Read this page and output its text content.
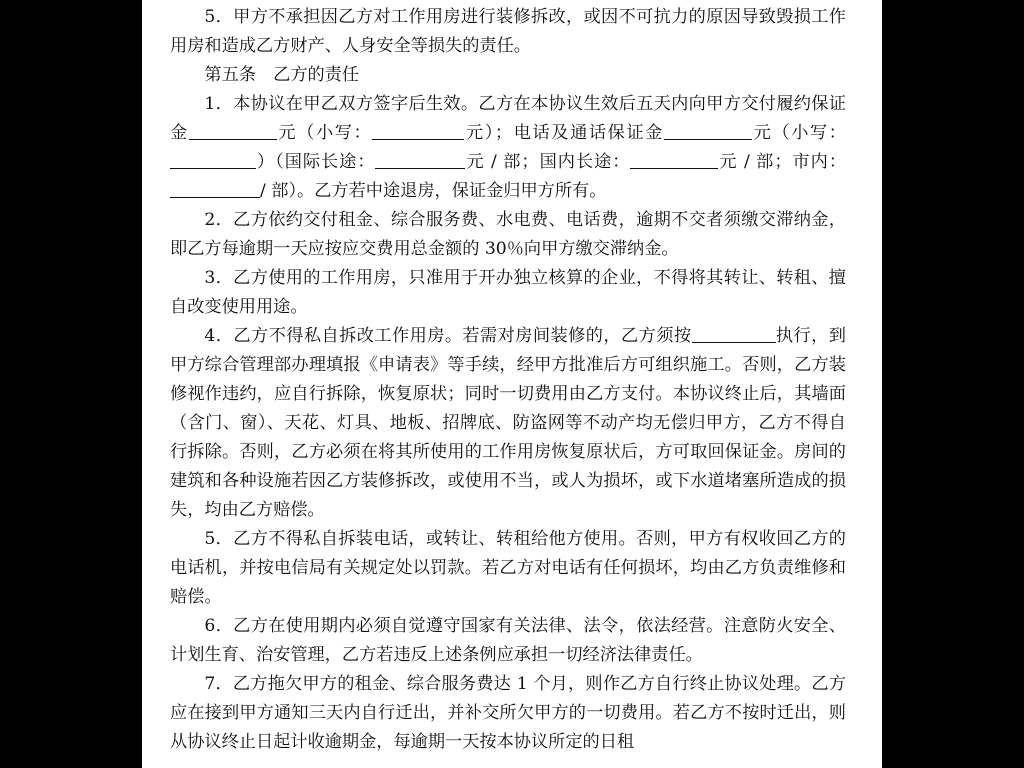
5．甲方不承担因乙方对工作用房进行装修拆改，或因不可抗力的原因导致毁损工作用房和造成乙方财产、人身安全等损失的责任。

第五条　乙方的责任

1．本协议在甲乙双方签字后生效。乙方在本协议生效后五天内向甲方交付履约保证金	元（小写：	元）；电话及通话保证金	元（小写：）（国际长途：	元 / 部；国内长途：	元 / 部；市内：/ 部）。乙方若中途退房，保证金归甲方所有。

2．乙方依约交付租金、综合服务费、水电费、电话费，逾期不交者须缴交滞纳金，即乙方每逾期一天应按应交费用总金额的 30％向甲方缴交滞纳金。

3．乙方使用的工作用房，只准用于开办独立核算的企业，不得将其转让、转租、擅自改变使用用途。

4．乙方不得私自拆改工作用房。若需对房间装修的，乙方须按	执行，到甲方综合管理部办理填报《申请表》等手续，经甲方批准后方可组织施工。否则，乙方装修视作违约，应自行拆除，恢复原状；同时一切费用由乙方支付。本协议终止后，其墙面（含门、窗）、天花、灯具、地板、招牌底、防盗网等不动产均无偿归甲方，乙方不得自行拆除。否则，乙方必须在将其所使用的工作用房恢复原状后，方可取回保证金。房间的建筑和各种设施若因乙方装修拆改，或使用不当，或人为损坏，或下水道堵塞所造成的损失，均由乙方赔偿。

5．乙方不得私自拆装电话，或转让、转租给他方使用。否则，甲方有权收回乙方的电话机，并按电信局有关规定处以罚款。若乙方对电话有任何损坏，均由乙方负责维修和赔偿。

6．乙方在使用期内必须自觉遵守国家有关法律、法令，依法经营。注意防火安全、计划生育、治安管理，乙方若违反上述条例应承担一切经济法律责任。

7．乙方拖欠甲方的租金、综合服务费达 1 个月，则作乙方自行终止协议处理。乙方应在接到甲方通知三天内自行迁出，并补交所欠甲方的一切费用。若乙方不按时迁出，则从协议终止日起计收逾期金，每逾期一天按本协议所定的日租
